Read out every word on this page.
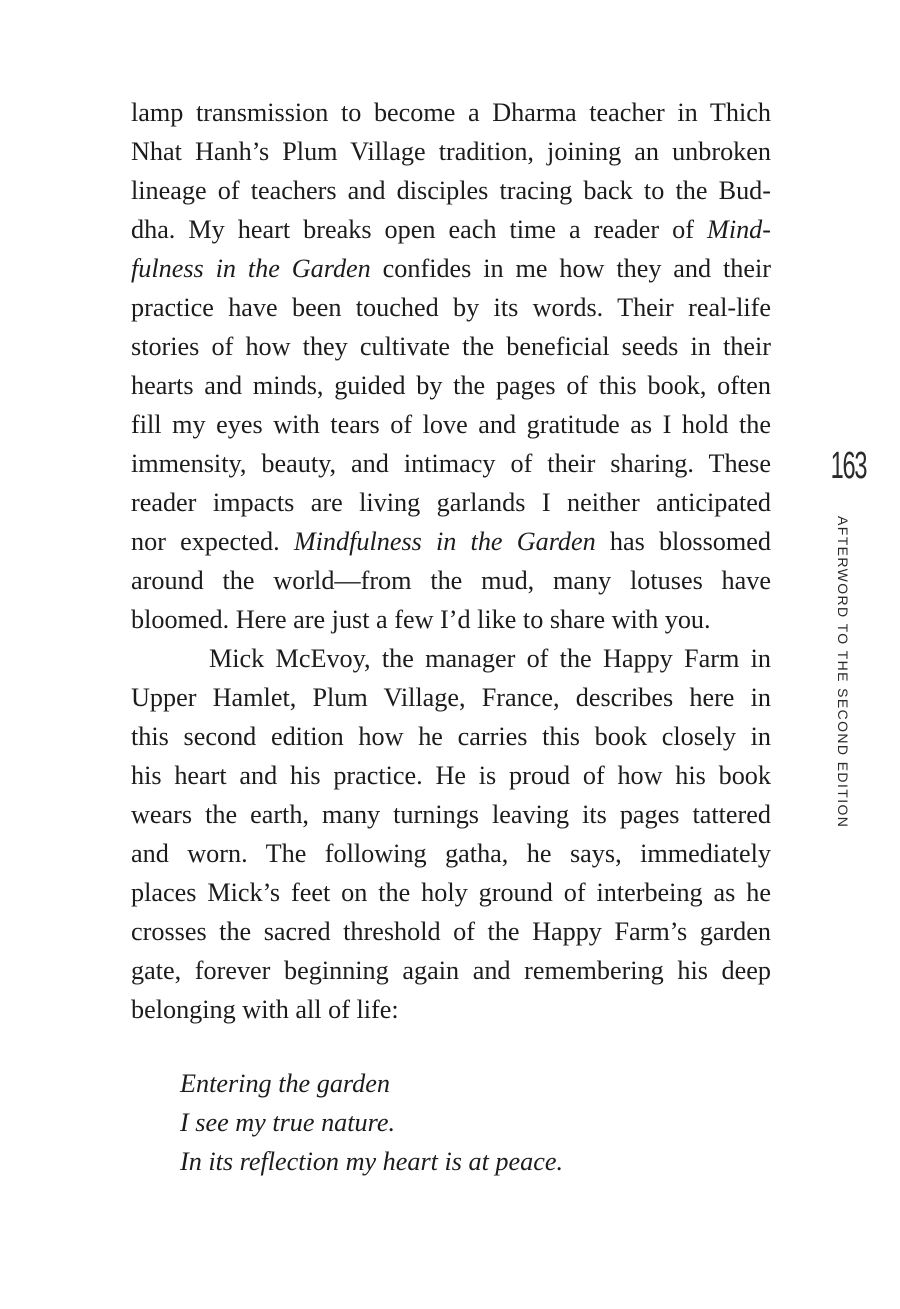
lamp transmission to become a Dharma teacher in Thich
Nhat Hanh’s Plum Village tradition, joining an unbroken
lineage of teachers and disciples tracing back to the Bud-
dha. My heart breaks open each time a reader of Mind-
fulness in the Garden confides in me how they and their
practice have been touched by its words. Their real-life
stories of how they cultivate the beneficial seeds in their
hearts and minds, guided by the pages of this book, often
fill my eyes with tears of love and gratitude as I hold the
immensity, beauty, and intimacy of their sharing. These
reader impacts are living garlands I neither anticipated
nor expected. Mindfulness in the Garden has blossomed
around the world—from the mud, many lotuses have
bloomed. Here are just a few I’d like to share with you.
Mick McEvoy, the manager of the Happy Farm in
Upper Hamlet, Plum Village, France, describes here in
this second edition how he carries this book closely in
his heart and his practice. He is proud of how his book
wears the earth, many turnings leaving its pages tattered
and worn. The following gatha, he says, immediately
places Mick’s feet on the holy ground of interbeing as he
crosses the sacred threshold of the Happy Farm’s garden
gate, forever beginning again and remembering his deep
belonging with all of life:
Entering the garden
I see my true nature.
In its reflection my heart is at peace.
163
AFTERWORD TO THE SECOND EDITION
